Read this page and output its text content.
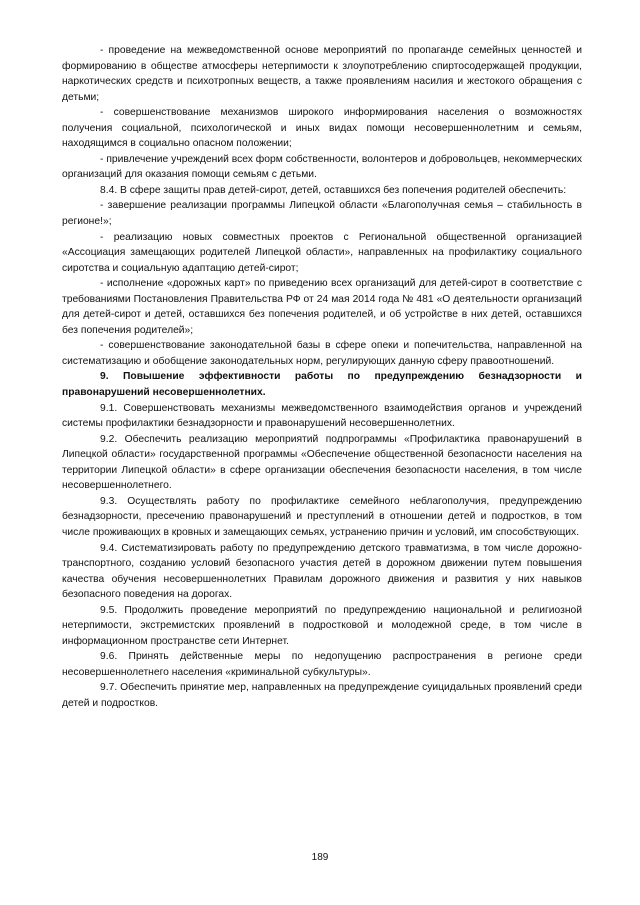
- проведение на межведомственной основе мероприятий по пропаганде семейных ценностей и формированию в обществе атмосферы нетерпимости к злоупотреблению спиртосодержащей продукции, наркотических средств и психотропных веществ, а также проявлениям насилия и жестокого обращения с детьми;

- совершенствование механизмов широкого информирования населения о возможностях получения социальной, психологической и иных видах помощи несовершеннолетним и семьям, находящимся в социально опасном положении;

- привлечение учреждений всех форм собственности, волонтеров и добровольцев, некоммерческих организаций для оказания помощи семьям с детьми.

8.4. В сфере защиты прав детей-сирот, детей, оставшихся без попечения родителей обеспечить:

- завершение реализации программы Липецкой области «Благополучная семья – стабильность в регионе!»;

- реализацию новых совместных проектов с Региональной общественной организацией «Ассоциация замещающих родителей Липецкой области», направленных на профилактику социального сиротства и социальную адаптацию детей-сирот;

- исполнение «дорожных карт» по приведению всех организаций для детей-сирот в соответствие с требованиями Постановления Правительства РФ от 24 мая 2014 года № 481 «О деятельности организаций для детей-сирот и детей, оставшихся без попечения родителей, и об устройстве в них детей, оставшихся без попечения родителей»;

- совершенствование законодательной базы в сфере опеки и попечительства, направленной на систематизацию и обобщение законодательных норм, регулирующих данную сферу правоотношений.

9. Повышение эффективности работы по предупреждению безнадзорности и правонарушений несовершеннолетних.

9.1. Совершенствовать механизмы межведомственного взаимодействия органов и учреждений системы профилактики безнадзорности и правонарушений несовершеннолетних.

9.2. Обеспечить реализацию мероприятий подпрограммы «Профилактика правонарушений в Липецкой области» государственной программы «Обеспечение общественной безопасности населения на территории Липецкой области» в сфере организации обеспечения безопасности населения, в том числе несовершеннолетнего.

9.3. Осуществлять работу по профилактике семейного неблагополучия, предупреждению безнадзорности, пресечению правонарушений и преступлений в отношении детей и подростков, в том числе проживающих в кровных и замещающих семьях, устранению причин и условий, им способствующих.

9.4. Систематизировать работу по предупреждению детского травматизма, в том числе дорожно-транспортного, созданию условий безопасного участия детей в дорожном движении путем повышения качества обучения несовершеннолетних Правилам дорожного движения и развития у них навыков безопасного поведения на дорогах.

9.5. Продолжить проведение мероприятий по предупреждению национальной и религиозной нетерпимости, экстремистских проявлений в подростковой и молодежной среде, в том числе в информационном пространстве сети Интернет.

9.6. Принять действенные меры по недопущению распространения в регионе среди несовершеннолетнего населения «криминальной субкультуры».

9.7. Обеспечить принятие мер, направленных на предупреждение суицидальных проявлений среди детей и подростков.

189
